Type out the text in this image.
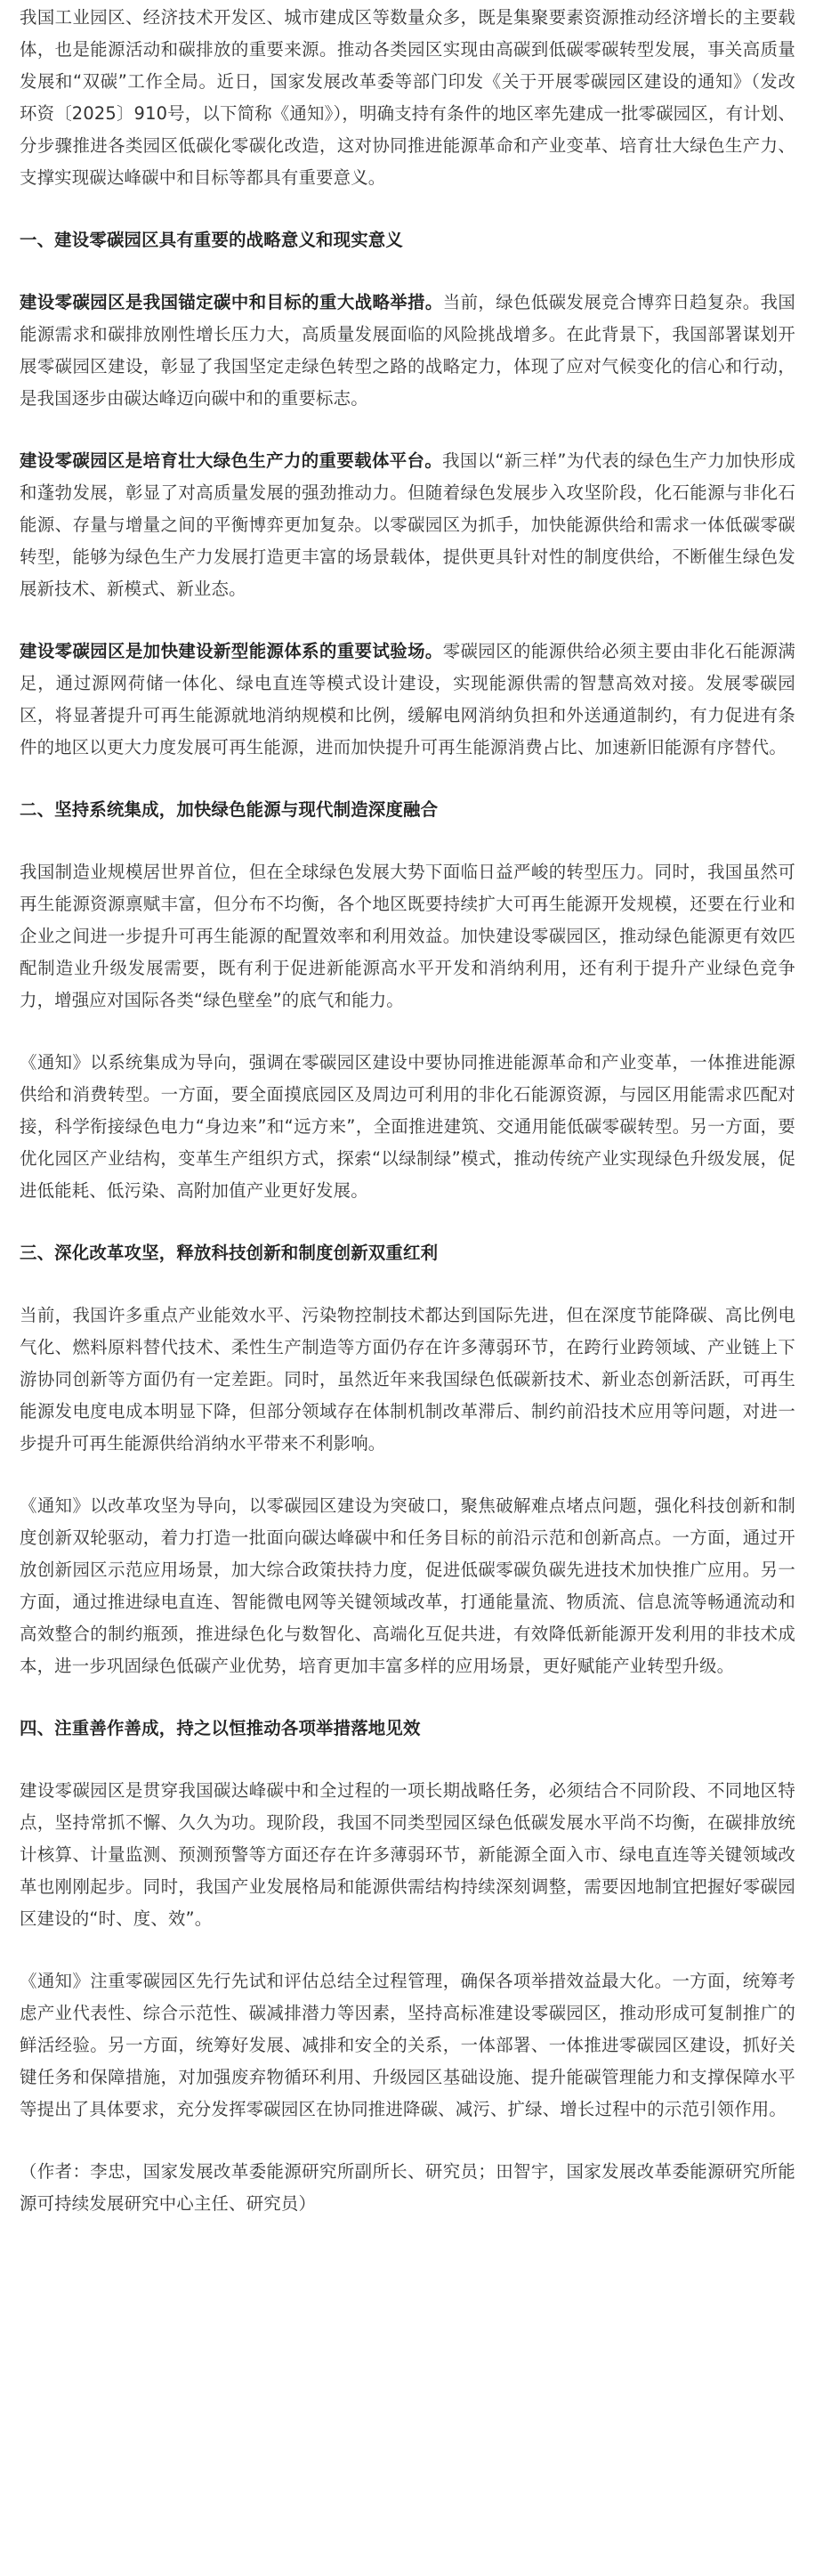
我国工业园区、经济技术开发区、城市建成区等数量众多，既是集聚要素资源推动经济增长的主要载体，也是能源活动和碳排放的重要来源。推动各类园区实现由高碳到低碳零碳转型发展，事关高质量发展和“双碳”工作全局。近日，国家发展改革委等部门印发《关于开展零碳园区建设的通知》（发改环资〔2025〕910号，以下简称《通知》），明确支持有条件的地区率先建成一批零碳园区，有计划、分步骤推进各类园区低碳化零碳化改造，这对协同推进能源革命和产业变革、培育壮大绿色生产力、支撑实现碳达峰碳中和目标等都具有重要意义。

一、建设零碳园区具有重要的战略意义和现实意义

建设零碳园区是我国锚定碳中和目标的重大战略举措。当前，绿色低碳发展竞合博弈日趋复杂。我国能源需求和碳排放刚性增长压力大，高质量发展面临的风险挑战增多。在此背景下，我国部署谋划开展零碳园区建设，彰显了我国坚定走绿色转型之路的战略定力，体现了应对气候变化的信心和行动，是我国逐步由碳达峰迈向碳中和的重要标志。

建设零碳园区是培育壮大绿色生产力的重要载体平台。我国以“新三样”为代表的绿色生产力加快形成和蓬勃发展，彰显了对高质量发展的强劲推动力。但随着绿色发展步入攻坚阶段，化石能源与非化石能源、存量与增量之间的平衡博弈更加复杂。以零碳园区为抓手，加快能源供给和需求一体低碳零碳转型，能够为绿色生产力发展打造更丰富的场景载体，提供更具针对性的制度供给，不断催生绿色发展新技术、新模式、新业态。

建设零碳园区是加快建设新型能源体系的重要试验场。零碳园区的能源供给必须主要由非化石能源满足，通过源网荷储一体化、绿电直连等模式设计建设，实现能源供需的智慧高效对接。发展零碳园区，将显著提升可再生能源就地消纳规模和比例，缓解电网消纳负担和外送通道制约，有力促进有条件的地区以更大力度发展可再生能源，进而加快提升可再生能源消费占比、加速新旧能源有序替代。

二、坚持系统集成，加快绿色能源与现代制造深度融合

我国制造业规模居世界首位，但在全球绿色发展大势下面临日益严峻的转型压力。同时，我国虽然可再生能源资源禀赋丰富，但分布不均衡，各个地区既要持续扩大可再生能源开发规模，还要在行业和企业之间进一步提升可再生能源的配置效率和利用效益。加快建设零碳园区，推动绿色能源更有效匹配制造业升级发展需要，既有利于促进新能源高水平开发和消纳利用，还有利于提升产业绿色竞争力，增强应对国际各类“绿色壁垒”的底气和能力。

《通知》以系统集成为导向，强调在零碳园区建设中要协同推进能源革命和产业变革，一体推进能源供给和消费转型。一方面，要全面摸底园区及周边可利用的非化石能源资源，与园区用能需求匹配对接，科学衔接绿色电力“身边来”和“远方来”，全面推进建筑、交通用能低碳零碳转型。另一方面，要优化园区产业结构，变革生产组织方式，探索“以绿制绿”模式，推动传统产业实现绿色升级发展，促进低能耗、低污染、高附加值产业更好发展。

三、深化改革攻坚，释放科技创新和制度创新双重红利

当前，我国许多重点产业能效水平、污染物控制技术都达到国际先进，但在深度节能降碳、高比例电气化、燃料原料替代技术、柔性生产制造等方面仍存在许多薄弱环节，在跨行业跨领域、产业链上下游协同创新等方面仍有一定差距。同时，虽然近年来我国绿色低碳新技术、新业态创新活跃，可再生能源发电度电成本明显下降，但部分领域存在体制机制改革滞后、制约前沿技术应用等问题，对进一步提升可再生能源供给消纳水平带来不利影响。

《通知》以改革攻坚为导向，以零碳园区建设为突破口，聚焦破解难点堵点问题，强化科技创新和制度创新双轮驱动，着力打造一批面向碳达峰碳中和任务目标的前沿示范和创新高点。一方面，通过开放创新园区示范应用场景，加大综合政策扶持力度，促进低碳零碳负碳先进技术加快推广应用。另一方面，通过推进绿电直连、智能微电网等关键领域改革，打通能量流、物质流、信息流等畅通流动和高效整合的制约瓶颈，推进绿色化与数智化、高端化互促共进，有效降低新能源开发利用的非技术成本，进一步巩固绿色低碳产业优势，培育更加丰富多样的应用场景，更好赋能产业转型升级。

四、注重善作善成，持之以恒推动各项举措落地见效

建设零碳园区是贯穿我国碳达峰碳中和全过程的一项长期战略任务，必须结合不同阶段、不同地区特点，坚持常抓不懈、久久为功。现阶段，我国不同类型园区绿色低碳发展水平尚不均衡，在碳排放统计核算、计量监测、预测预警等方面还存在许多薄弱环节，新能源全面入市、绿电直连等关键领域改革也刚刚起步。同时，我国产业发展格局和能源供需结构持续深刻调整，需要因地制宜把握好零碳园区建设的“时、度、效”。

《通知》注重零碳园区先行先试和评估总结全过程管理，确保各项举措效益最大化。一方面，统筹考虑产业代表性、综合示范性、碳减排潜力等因素，坚持高标准建设零碳园区，推动形成可复制推广的鲜活经验。另一方面，统筹好发展、减排和安全的关系，一体部署、一体推进零碳园区建设，抓好关键任务和保障措施，对加强废弃物循环利用、升级园区基础设施、提升能碳管理能力和支撑保障水平等提出了具体要求，充分发挥零碳园区在协同推进降碳、减污、扩绿、增长过程中的示范引领作用。

（作者：李忠，国家发展改革委能源研究所副所长、研究员；田智宇，国家发展改革委能源研究所能源可持续发展研究中心主任、研究员）
